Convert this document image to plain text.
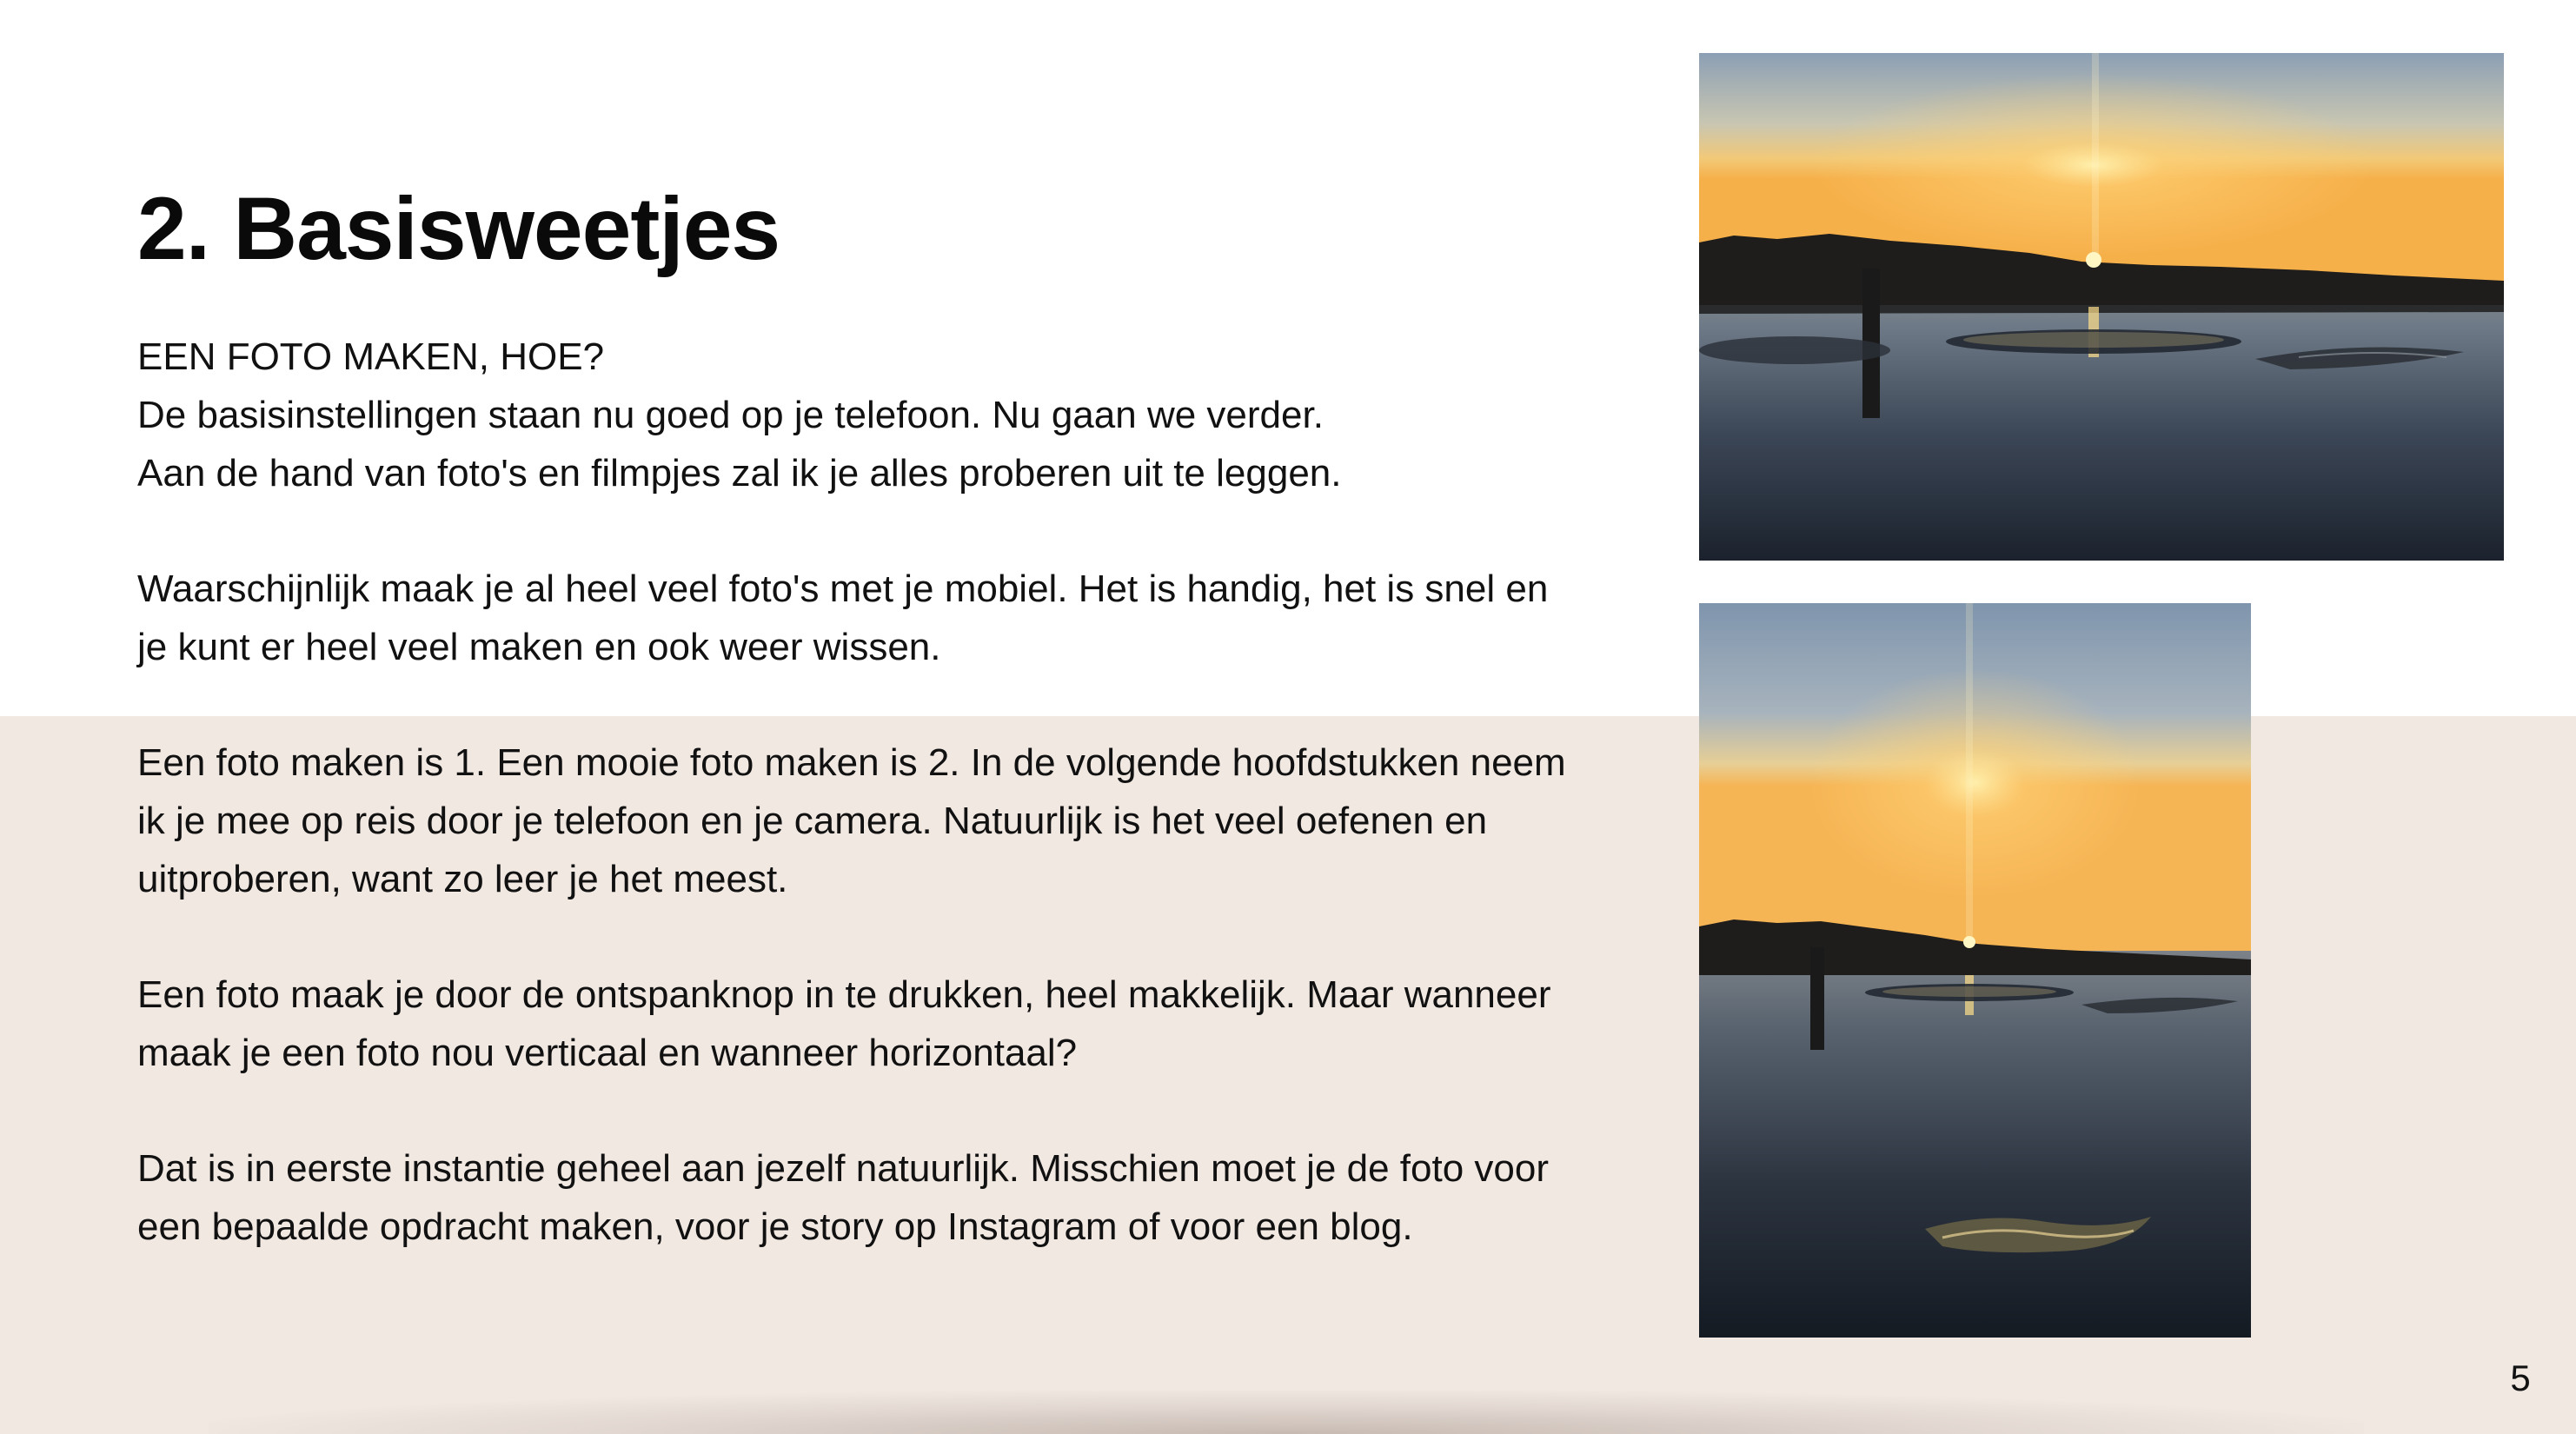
2. Basisweetjes
EEN FOTO MAKEN, HOE?
De basisinstellingen staan nu goed op je telefoon. Nu gaan we verder.
Aan de hand van foto's en filmpjes zal ik je alles proberen uit te leggen.
Waarschijnlijk maak je al heel veel foto's met je mobiel. Het is handig, het is snel en
je kunt er heel veel maken en ook weer wissen.
Een foto maken is 1. Een mooie foto maken is 2. In de volgende hoofdstukken neem
ik je mee op reis door je telefoon en je camera. Natuurlijk is het veel oefenen en
uitproberen, want zo leer je het meest.
Een foto maak je door de ontspanknop in te drukken, heel makkelijk. Maar wanneer
maak je een foto nou verticaal en wanneer horizontaal?
Dat is in eerste instantie geheel aan jezelf natuurlijk. Misschien moet je de foto voor
een bepaalde opdracht maken, voor je story op Instagram of voor een blog.
5
